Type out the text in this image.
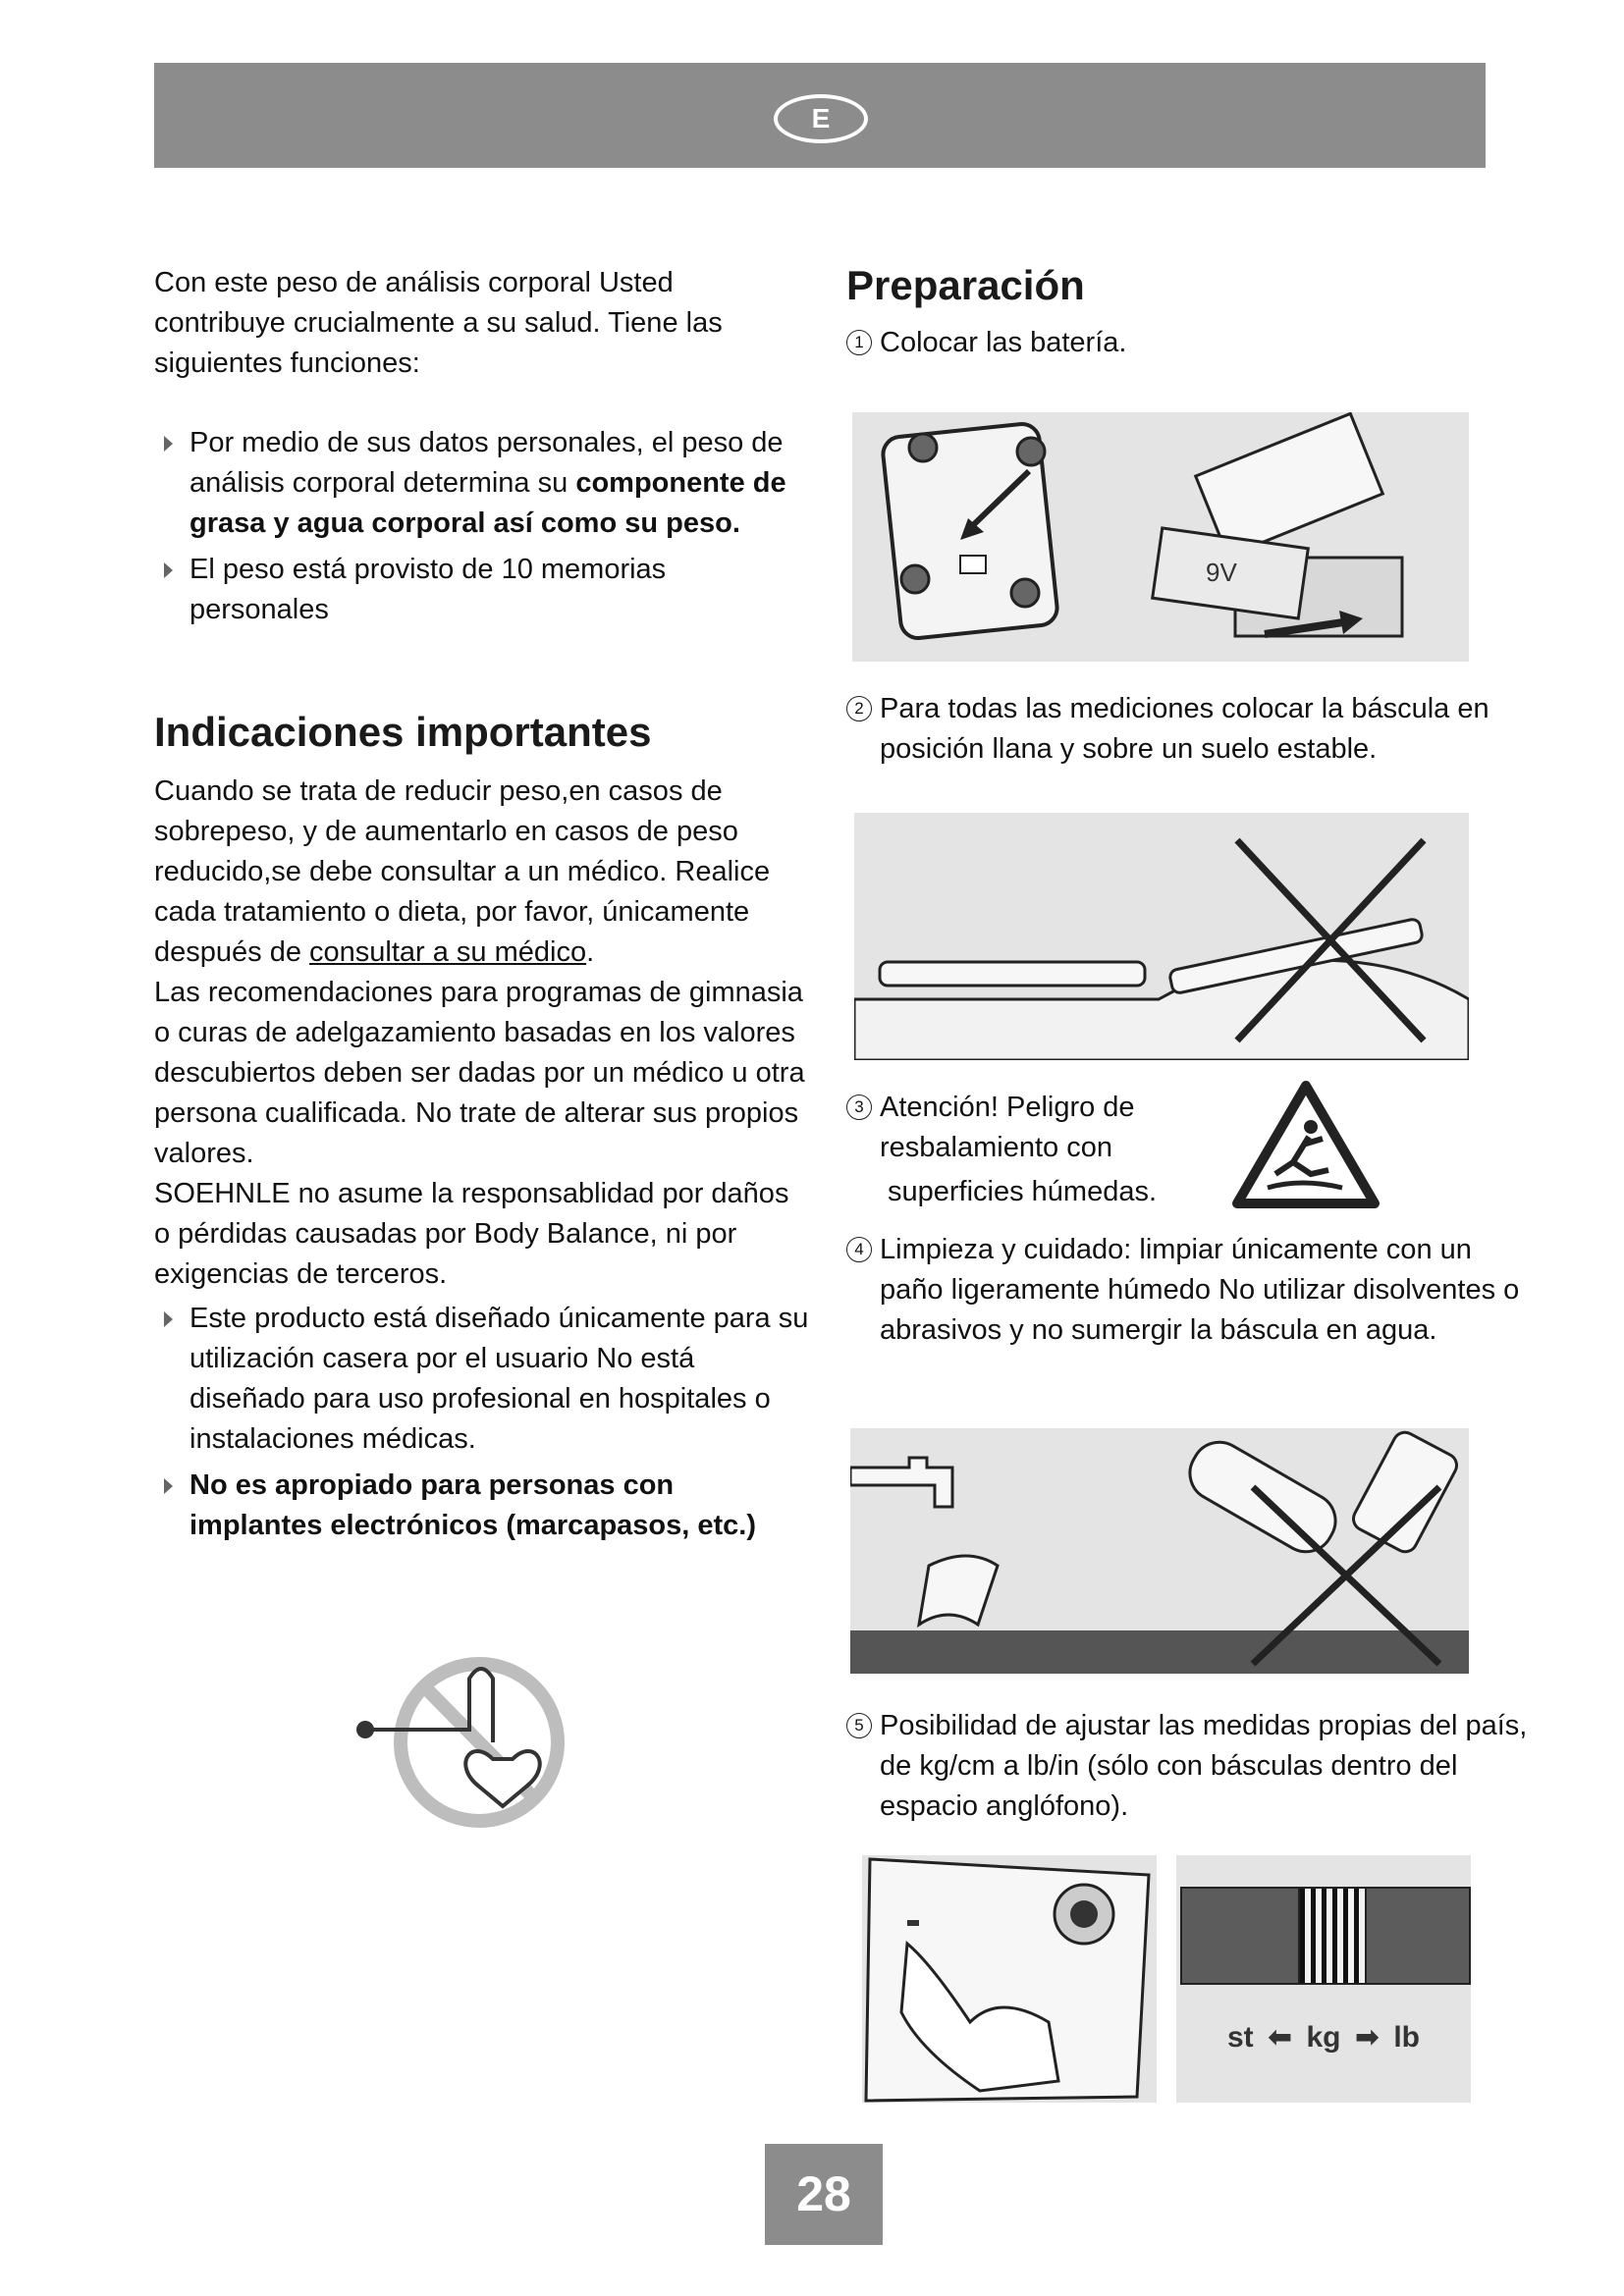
E

Con este peso de análisis corporal Usted contribuye crucialmente a su salud. Tiene las siguientes funciones:

Por medio de sus datos personales, el peso de análisis corporal determina su componente de grasa y agua corporal así como su peso.
El peso está provisto de 10 memorias personales
Indicaciones importantes

Cuando se trata de reducir peso,en casos de sobrepeso, y de aumentarlo en casos de peso reducido,se debe consultar a un médico. Realice cada tratamiento o dieta, por favor, únicamente después de consultar a su médico.

Las recomendaciones para programas de gimnasia o curas de adelgazamiento basadas en los valores descubiertos deben ser dadas por un médico u otra persona cualificada. No trate de alterar sus propios valores.

SOEHNLE no asume la responsablidad por daños o pérdidas causadas por Body Balance, ni por exigencias de terceros.

Este producto está diseñado únicamente para su utilización casera por el usuario No está diseñado para uso profesional en hospitales o instalaciones médicas.
No es apropiado para personas con implantes electrónicos (marcapasos, etc.)
Preparación
1 Colocar las batería.
9V
2 Para todas las mediciones colocar la báscula en posición llana y sobre un suelo estable.
3 Atención! Peligro de resbalamiento con
superficies húmedas.
4 Limpieza y cuidado: limpiar únicamente con un paño ligeramente húmedo No utilizar disolventes o abrasivos y no sumergir la báscula en agua.
5 Posibilidad de ajustar las medidas propias del país, de kg/cm a lb/in (sólo con básculas dentro del espacio anglófono).
st ⬅ kg ➡ lb
28
